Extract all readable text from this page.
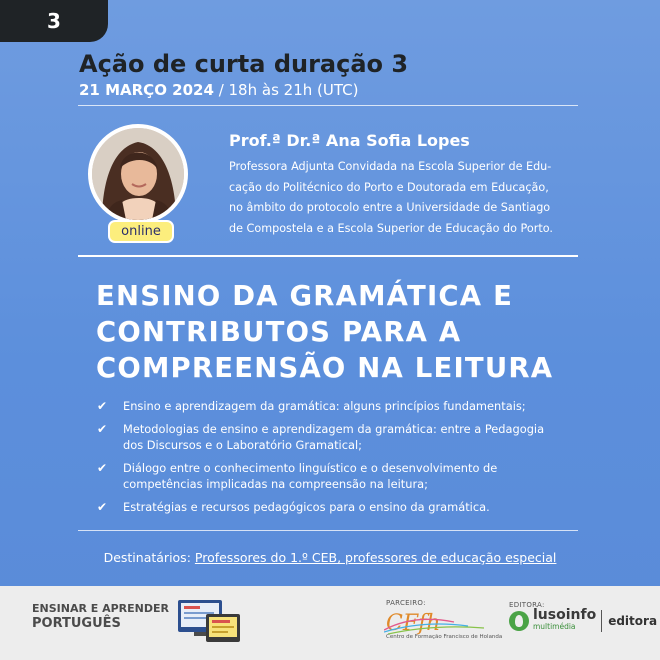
3
Ação de curta duração 3
21 MARÇO 2024 / 18h às 21h (UTC)
online
Prof.ª Dr.ª Ana Sofia Lopes
Professora Adjunta Convidada na Escola Superior de Edu-
cação do Politécnico do Porto e Doutorada em Educação,
no âmbito do protocolo entre a Universidade de Santiago
de Compostela e a Escola Superior de Educação do Porto.
ENSINO DA GRAMÁTICA E
CONTRIBUTOS PARA A
COMPREENSÃO NA LEITURA
✔ Ensino e aprendizagem da gramática: alguns princípios fundamentais;
✔ Metodologias de ensino e aprendizagem da gramática: entre a Pedagogia dos Discursos e o Laboratório Gramatical;
✔ Diálogo entre o conhecimento linguístico e o desenvolvimento de competências implicadas na compreensão na leitura;
✔ Estratégias e recursos pedagógicos para o ensino da gramática.
Destinatários: Professores do 1.º CEB, professores de educação especial
ENSINAR E APRENDER
PORTUGUÊS
PARCEIRO:
CFfh
Centro de Formação Francisco de Holanda
EDITORA:
lusoinfo
multimédia	editora
